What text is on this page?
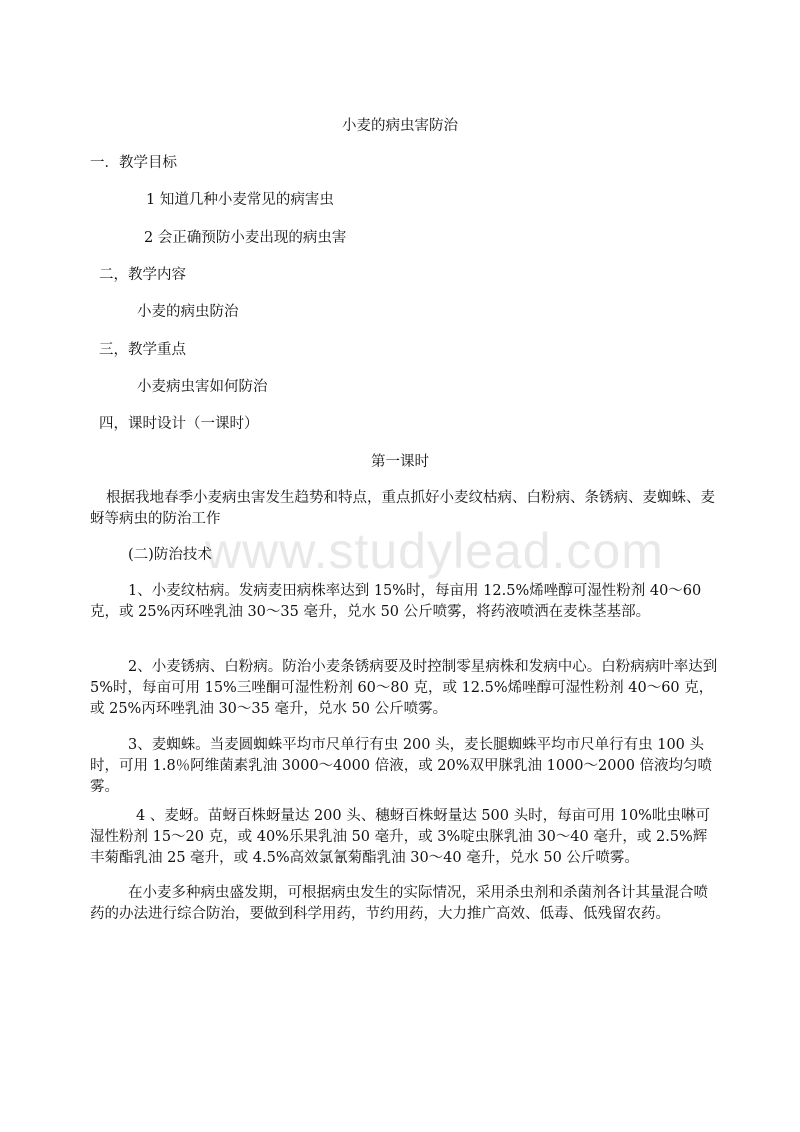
www.studylead.com
小麦的病虫害防治
一．教学目标
1 知道几种小麦常见的病害虫
2 会正确预防小麦出现的病虫害
二，教学内容
小麦的病虫防治
三，教学重点
小麦病虫害如何防治
四，课时设计（一课时）
第一课时
根据我地春季小麦病虫害发生趋势和特点，重点抓好小麦纹枯病、白粉病、条锈病、麦蜘蛛、麦蚜等病虫的防治工作
(二)防治技术
1、小麦纹枯病。发病麦田病株率达到 15%时，每亩用 12.5%烯唑醇可湿性粉剂 40～60 克，或 25%丙环唑乳油 30～35 毫升，兑水 50 公斤喷雾，将药液喷洒在麦株茎基部。
2、小麦锈病、白粉病。防治小麦条锈病要及时控制零星病株和发病中心。白粉病病叶率达到 5%时，每亩可用 15%三唑酮可湿性粉剂 60～80 克，或 12.5%烯唑醇可湿性粉剂 40～60 克，或 25%丙环唑乳油 30～35 毫升，兑水 50 公斤喷雾。
3、麦蜘蛛。当麦圆蜘蛛平均市尺单行有虫 200 头，麦长腿蜘蛛平均市尺单行有虫 100 头时，可用 1.8％阿维菌素乳油 3000～4000 倍液，或 20%双甲脒乳油 1000～2000 倍液均匀喷雾。
4 、麦蚜。苗蚜百株蚜量达 200 头、穗蚜百株蚜量达 500 头时，每亩可用 10%吡虫啉可湿性粉剂 15～20 克，或 40%乐果乳油 50 毫升，或 3%啶虫脒乳油 30～40 毫升，或 2.5%辉丰菊酯乳油 25 毫升，或 4.5%高效氯氰菊酯乳油 30～40 毫升，兑水 50 公斤喷雾。
在小麦多种病虫盛发期，可根据病虫发生的实际情况，采用杀虫剂和杀菌剂各计其量混合喷药的办法进行综合防治，要做到科学用药，节约用药，大力推广高效、低毒、低残留农药。
